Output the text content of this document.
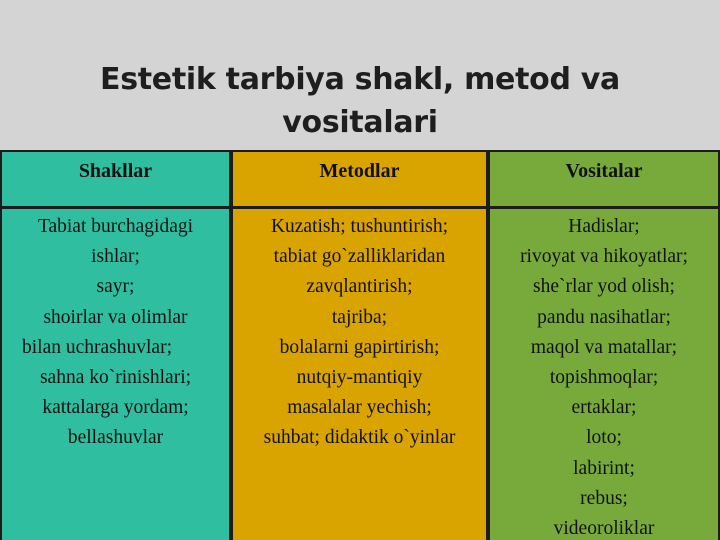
Estetik tarbiya shakl, metod va
vositalari
Shakllar	Metodlar	Vositalar
Tabiat burchagidagi
ishlar;
sayr;
shoirlar va olimlar
bilan uchrashuvlar;
sahna ko`rinishlari;
kattalarga yordam;
bellashuvlar
Kuzatish; tushuntirish;
tabiat go`zalliklaridan
zavqlantirish;
tajriba;
bolalarni gapirtirish;
nutqiy-mantiqiy
masalalar yechish;
suhbat; didaktik o`yinlar
Hadislar;
rivoyat va hikoyatlar;
she`rlar yod olish;
pandu nasihatlar;
maqol va matallar;
topishmoqlar;
ertaklar;
loto;
labirint;
rebus;
videoroliklar
